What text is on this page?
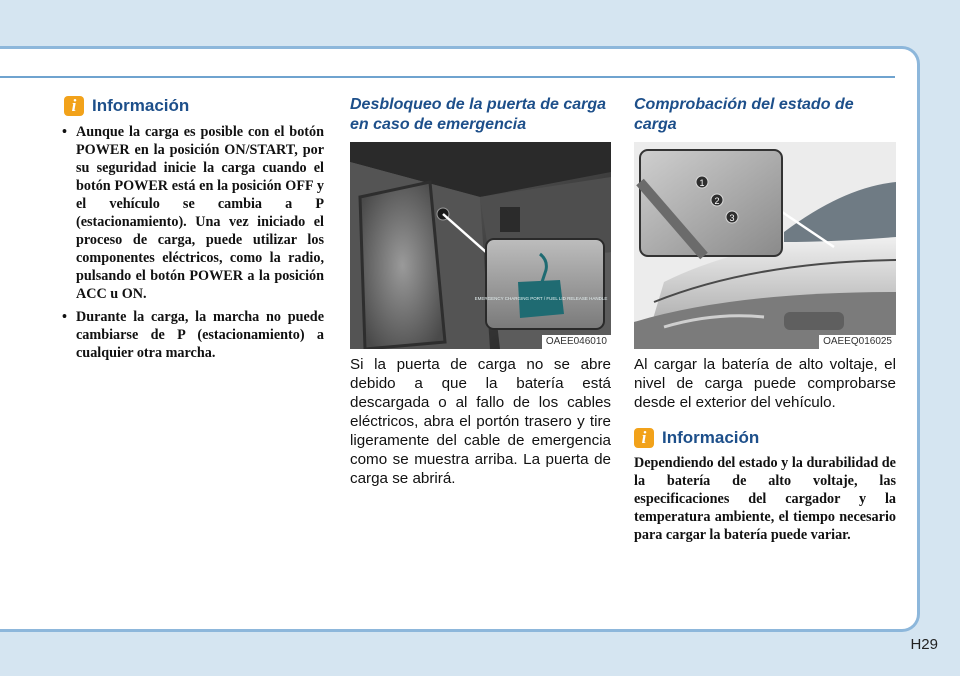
i Información
• Aunque la carga es posible con el botón POWER en la posición ON/START, por su seguridad inicie la carga cuando el botón POWER está en la posición OFF y el vehículo se cambia a P (estacionamiento). Una vez iniciado el proceso de carga, puede utilizar los componentes eléctricos, como la radio, pulsando el botón POWER a la posición ACC u ON.
• Durante la carga, la marcha no puede cambiarse de P (estacionamiento) a cualquier otra marcha.
Desbloqueo de la puerta de carga en caso de emergencia
EMERGENCY CHARGING PORT / FUEL LID RELEASE HANDLE
OAEE046010
Si la puerta de carga no se abre debido a que la batería está descargada o al fallo de los cables eléctricos, abra el portón trasero y tire ligeramente del cable de emergencia como se muestra arriba. La puerta de carga se abrirá.
Comprobación del estado de carga
1
2
3
OAEEQ016025
Al cargar la batería de alto voltaje, el nivel de carga puede comprobarse desde el exterior del vehículo.
i Información
Dependiendo del estado y la durabilidad de la batería de alto voltaje, las especificaciones del cargador y la temperatura ambiente, el tiempo necesario para cargar la batería puede variar.
H29
